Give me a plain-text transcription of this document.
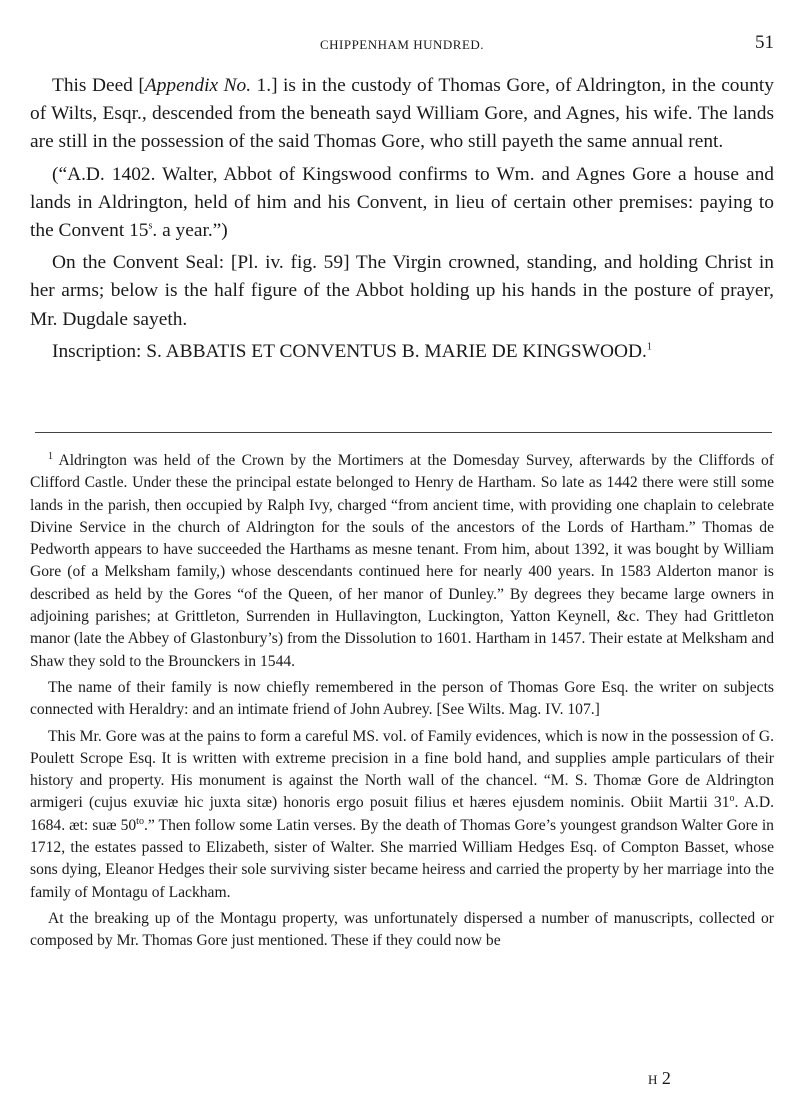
CHIPPENHAM HUNDRED.	51

This Deed [Appendix No. 1.] is in the custody of Thomas Gore, of Aldrington, in the county of Wilts, Esqr., descended from the beneath sayd William Gore, and Agnes, his wife. The lands are still in the possession of the said Thomas Gore, who still payeth the same annual rent.

(“A.D. 1402. Walter, Abbot of Kingswood confirms to Wm. and Agnes Gore a house and lands in Aldrington, held of him and his Convent, in lieu of certain other premises: paying to the Convent 15$^s$. a year.”)

On the Convent Seal: [Pl. iv. fig. 59] The Virgin crowned, standing, and holding Christ in her arms; below is the half figure of the Abbot holding up his hands in the posture of prayer, Mr. Dugdale sayeth.

Inscription: S. ABBATIS ET CONVENTUS B. MARIE DE KINGSWOOD.$^1$

$^1$ Aldrington was held of the Crown by the Mortimers at the Domesday Survey, afterwards by the Cliffords of Clifford Castle. Under these the principal estate belonged to Henry de Hartham. So late as 1442 there were still some lands in the parish, then occupied by Ralph Ivy, charged “from ancient time, with providing one chaplain to celebrate Divine Service in the church of Aldrington for the souls of the ancestors of the Lords of Hartham.” Thomas de Pedworth appears to have succeeded the Harthams as mesne tenant. From him, about 1392, it was bought by William Gore (of a Melksham family,) whose descendants continued here for nearly 400 years. In 1583 Alderton manor is described as held by the Gores “of the Queen, of her manor of Dunley.” By degrees they became large owners in adjoining parishes; at Grittleton, Surrenden in Hullavington, Luckington, Yatton Keynell, &c. They had Grittleton manor (late the Abbey of Glastonbury’s) from the Dissolution to 1601. Hartham in 1457. Their estate at Melksham and Shaw they sold to the Brounckers in 1544.

The name of their family is now chiefly remembered in the person of Thomas Gore Esq. the writer on subjects connected with Heraldry: and an intimate friend of John Aubrey. [See Wilts. Mag. IV. 107.]

This Mr. Gore was at the pains to form a careful MS. vol. of Family evidences, which is now in the possession of G. Poulett Scrope Esq. It is written with extreme precision in a fine bold hand, and supplies ample particulars of their history and property. His monument is against the North wall of the chancel. “M. S. Thomæ Gore de Aldrington armigeri (cujus exuviæ hic juxta sitæ) honoris ergo posuit filius et hæres ejusdem nominis. Obiit Martii 31$^o$. A.D. 1684. æt: suæ $50^{to}$.” Then follow some Latin verses. By the death of Thomas Gore’s youngest grandson Walter Gore in 1712, the estates passed to Elizabeth, sister of Walter. She married William Hedges Esq. of Compton Basset, whose sons dying, Eleanor Hedges their sole surviving sister became heiress and carried the property by her marriage into the family of Montagu of Lackham.

At the breaking up of the Montagu property, was unfortunately dispersed a number of manuscripts, collected or composed by Mr. Thomas Gore just mentioned. These if they could now be

H 2
